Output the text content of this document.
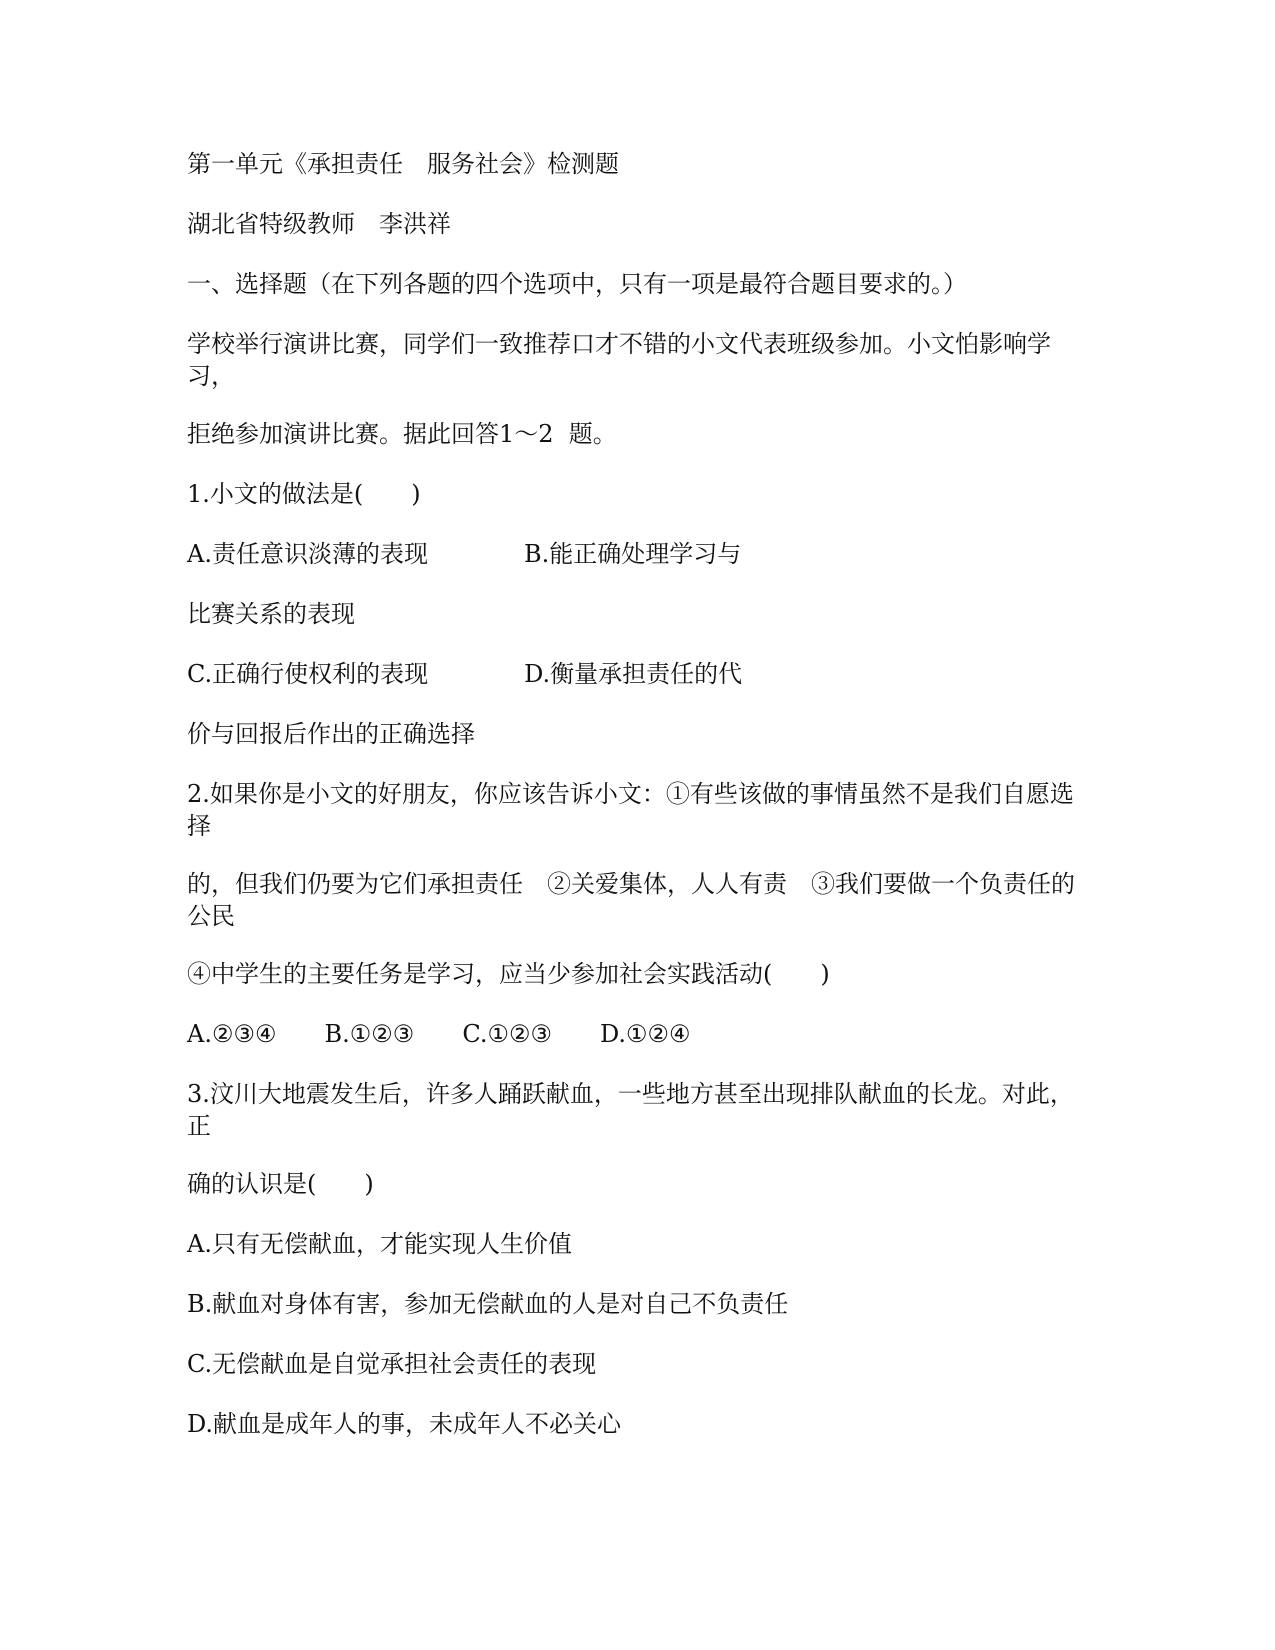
第一单元《承担责任　服务社会》检测题

湖北省特级教师　李洪祥

一、选择题（在下列各题的四个选项中，只有一项是最符合题目要求的。）

学校举行演讲比赛，同学们一致推荐口才不错的小文代表班级参加。小文怕影响学习，

拒绝参加演讲比赛。据此回答1～2  题。

1.小文的做法是(　　)

A.责任意识淡薄的表现　　　　B.能正确处理学习与

比赛关系的表现

C.正确行使权利的表现　　　　D.衡量承担责任的代

价与回报后作出的正确选择

2.如果你是小文的好朋友，你应该告诉小文：①有些该做的事情虽然不是我们自愿选择

的，但我们仍要为它们承担责任　②关爱集体，人人有责　③我们要做一个负责任的公民

④中学生的主要任务是学习，应当少参加社会实践活动(　　)

A.②③④　　B.①②③　　C.①②③　　D.①②④

3.汶川大地震发生后，许多人踊跃献血，一些地方甚至出现排队献血的长龙。对此，正

确的认识是(　　)

A.只有无偿献血，才能实现人生价值

B.献血对身体有害，参加无偿献血的人是对自己不负责任

C.无偿献血是自觉承担社会责任的表现

D.献血是成年人的事，未成年人不必关心
